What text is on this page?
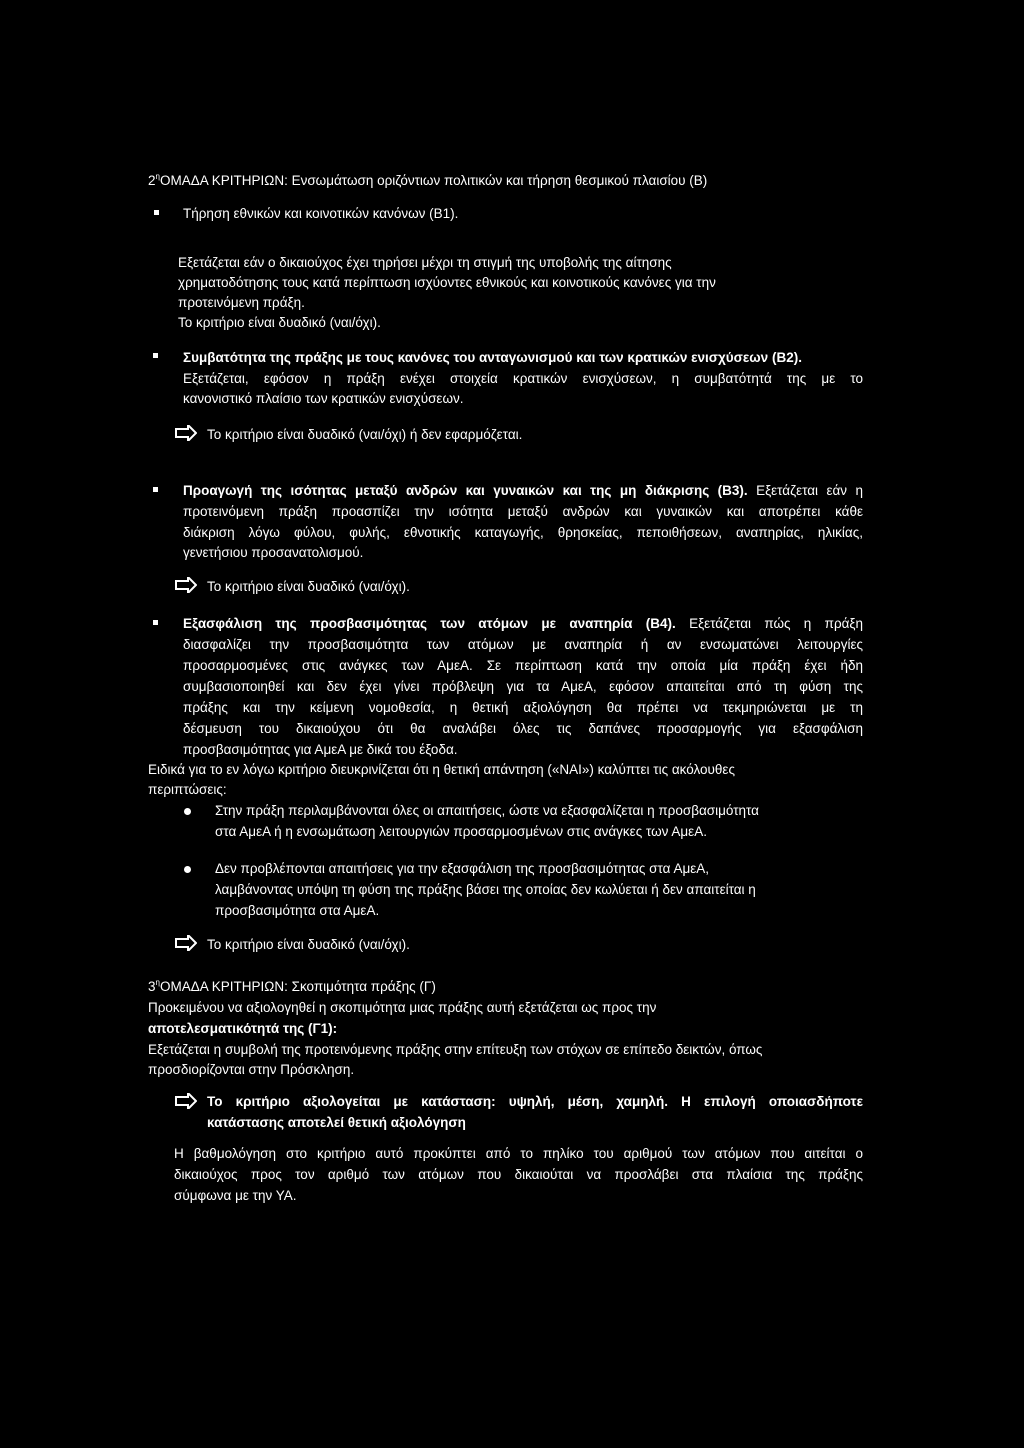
$2^\eta OMA\Delta A$ ΚΡΙΤΗΡΙΩΝ: Ενσωμάτωση οριζόντιων πολιτικών και τήρηση θεσμικού πλαισίου (Β)
Τήρηση εθνικών και κοινοτικών κανόνων (Β1).
Εξετάζεται εάν ο δικαιούχος έχει τηρήσει μέχρι τη στιγμή της υποβολής της αίτησης
χρηματοδότησης τους κατά περίπτωση ισχύοντες εθνικούς και κοινοτικούς κανόνες για την
προτεινόμενη πράξη.
Το κριτήριο είναι δυαδικό (ναι/όχι).
Συμβατότητα της πράξης με τους κανόνες του ανταγωνισμού και των κρατικών ενισχύσεων (Β2).
Εξετάζεται, εφόσον η πράξη ενέχει στοιχεία κρατικών ενισχύσεων, η συμβατότητά της με το
κανονιστικό πλαίσιο των κρατικών ενισχύσεων.
Το κριτήριο είναι δυαδικό (ναι/όχι) ή δεν εφαρμόζεται.
Προαγωγή της ισότητας μεταξύ ανδρών και γυναικών και της μη διάκρισης (Β3). Εξετάζεται εάν η
προτεινόμενη πράξη προασπίζει την ισότητα μεταξύ ανδρών και γυναικών και αποτρέπει κάθε
διάκριση λόγω φύλου, φυλής, εθνοτικής καταγωγής, θρησκείας, πεποιθήσεων, αναπηρίας, ηλικίας,
γενετήσιου προσανατολισμού.
Το κριτήριο είναι δυαδικό (ναι/όχι).
Εξασφάλιση της προσβασιμότητας των ατόμων με αναπηρία (Β4). Εξετάζεται πώς η πράξη
διασφαλίζει την προσβασιμότητα των ατόμων με αναπηρία ή αν ενσωματώνει λειτουργίες
προσαρμοσμένες στις ανάγκες των ΑμεΑ. Σε περίπτωση κατά την οποία μία πράξη έχει ήδη
συμβασιοποιηθεί και δεν έχει γίνει πρόβλεψη για τα ΑμεΑ, εφόσον απαιτείται από τη φύση της
πράξης και την κείμενη νομοθεσία, η θετική αξιολόγηση θα πρέπει να τεκμηριώνεται με τη
δέσμευση του δικαιούχου ότι θα αναλάβει όλες τις δαπάνες προσαρμογής για εξασφάλιση
προσβασιμότητας για ΑμεΑ με δικά του έξοδα.
Ειδικά για το εν λόγω κριτήριο διευκρινίζεται ότι η θετική απάντηση («ΝΑΙ») καλύπτει τις ακόλουθες
περιπτώσεις:
Στην πράξη περιλαμβάνονται όλες οι απαιτήσεις, ώστε να εξασφαλίζεται η προσβασιμότητα
στα ΑμεΑ ή η ενσωμάτωση λειτουργιών προσαρμοσμένων στις ανάγκες των ΑμεΑ.
Δεν προβλέπονται απαιτήσεις για την εξασφάλιση της προσβασιμότητας στα ΑμεΑ,
λαμβάνοντας υπόψη τη φύση της πράξης βάσει της οποίας δεν κωλύεται ή δεν απαιτείται η
προσβασιμότητα στα ΑμεΑ.
Το κριτήριο είναι δυαδικό (ναι/όχι).
$3^\eta OMA\Delta A$ ΚΡΙΤΗΡΙΩΝ: Σκοπιμότητα πράξης (Γ)
Προκειμένου να αξιολογηθεί η σκοπιμότητα μιας πράξης αυτή εξετάζεται ως προς την
αποτελεσματικότητά της (Γ1):
Εξετάζεται η συμβολή της προτεινόμενης πράξης στην επίτευξη των στόχων σε επίπεδο δεικτών, όπως
προσδιορίζονται στην Πρόσκληση.
Το κριτήριο αξιολογείται με κατάσταση: υψηλή, μέση, χαμηλή. Η επιλογή οποιασδήποτε
κατάστασης αποτελεί θετική αξιολόγηση
Η βαθμολόγηση στο κριτήριο αυτό προκύπτει από το πηλίκο του αριθμού των ατόμων που αιτείται ο
δικαιούχος προς τον αριθμό των ατόμων που δικαιούται να προσλάβει στα πλαίσια της πράξης
σύμφωνα με την ΥΑ.
